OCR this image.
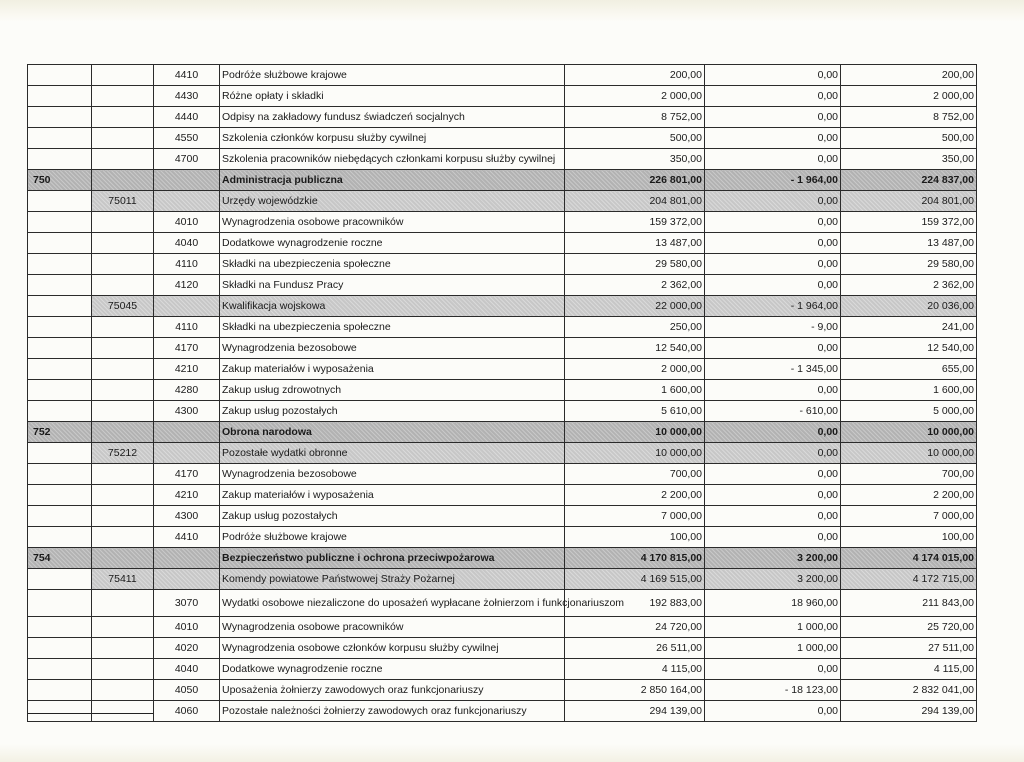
		4410	Podróże służbowe krajowe	200,00	0,00	200,00
		4430	Różne opłaty i składki	2 000,00	0,00	2 000,00
		4440	Odpisy na zakładowy fundusz świadczeń socjalnych	8 752,00	0,00	8 752,00
		4550	Szkolenia członków korpusu służby cywilnej	500,00	0,00	500,00
		4700	Szkolenia pracowników niebędących członkami korpusu służby cywilnej	350,00	0,00	350,00
750			Administracja publiczna	226 801,00	- 1 964,00	224 837,00
	75011		Urzędy wojewódzkie	204 801,00	0,00	204 801,00
		4010	Wynagrodzenia osobowe pracowników	159 372,00	0,00	159 372,00
		4040	Dodatkowe wynagrodzenie roczne	13 487,00	0,00	13 487,00
		4110	Składki na ubezpieczenia społeczne	29 580,00	0,00	29 580,00
		4120	Składki na Fundusz Pracy	2 362,00	0,00	2 362,00
	75045		Kwalifikacja wojskowa	22 000,00	- 1 964,00	20 036,00
		4110	Składki na ubezpieczenia społeczne	250,00	- 9,00	241,00
		4170	Wynagrodzenia bezosobowe	12 540,00	0,00	12 540,00
		4210	Zakup materiałów i wyposażenia	2 000,00	- 1 345,00	655,00
		4280	Zakup usług zdrowotnych	1 600,00	0,00	1 600,00
		4300	Zakup usług pozostałych	5 610,00	- 610,00	5 000,00
752			Obrona narodowa	10 000,00	0,00	10 000,00
	75212		Pozostałe wydatki obronne	10 000,00	0,00	10 000,00
		4170	Wynagrodzenia bezosobowe	700,00	0,00	700,00
		4210	Zakup materiałów i wyposażenia	2 200,00	0,00	2 200,00
		4300	Zakup usług pozostałych	7 000,00	0,00	7 000,00
		4410	Podróże służbowe krajowe	100,00	0,00	100,00
754			Bezpieczeństwo publiczne i ochrona przeciwpożarowa	4 170 815,00	3 200,00	4 174 015,00
	75411		Komendy powiatowe Państwowej Straży Pożarnej	4 169 515,00	3 200,00	4 172 715,00
		3070	Wydatki osobowe niezaliczone do uposażeń wypłacane żołnierzom i funkcjonariuszom	192 883,00	18 960,00	211 843,00
		4010	Wynagrodzenia osobowe pracowników	24 720,00	1 000,00	25 720,00
		4020	Wynagrodzenia osobowe członków korpusu służby cywilnej	26 511,00	1 000,00	27 511,00
		4040	Dodatkowe wynagrodzenie roczne	4 115,00	0,00	4 115,00
		4050	Uposażenia żołnierzy zawodowych oraz funkcjonariuszy	2 850 164,00	- 18 123,00	2 832 041,00
		4060	Pozostałe należności żołnierzy zawodowych oraz funkcjonariuszy	294 139,00	0,00	294 139,00
